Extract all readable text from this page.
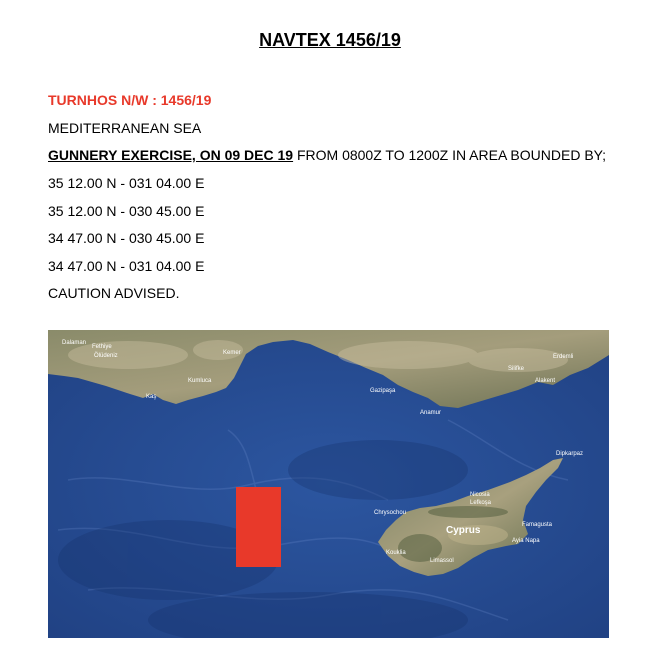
NAVTEX 1456/19
TURNHOS N/W : 1456/19
MEDITERRANEAN SEA
GUNNERY EXERCISE, ON 09 DEC 19 FROM 0800Z TO 1200Z IN AREA BOUNDED BY;
35 12.00 N - 031 04.00 E
35 12.00 N - 030 45.00 E
34 47.00 N - 030 45.00 E
34 47.00 N - 031 04.00 E
CAUTION ADVISED.
Dalaman
Fethiye
Ölüdeniz	Kemer
Kumluca
Kaş
Gazipaşa
Anamur
Silifke
Erdemli
Alakent
Dipkarpaz
Nicosia
Lefkoşa
Chrysochou
Cyprus	Famagusta
Ayia Napa
Kouklia
Limassol
